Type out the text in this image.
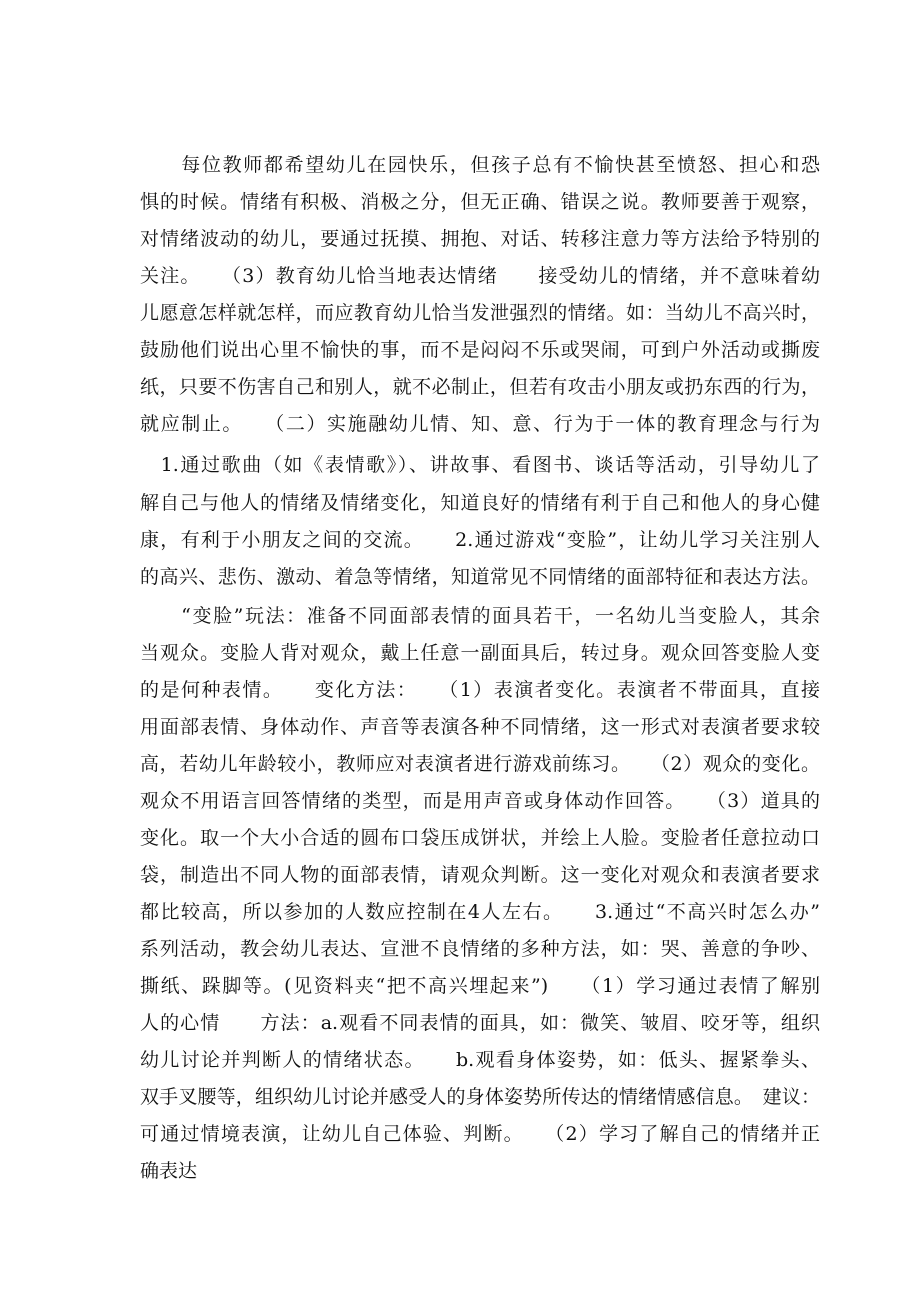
　　每位教师都希望幼儿在园快乐，但孩子总有不愉快甚至愤怒、担心和恐
惧的时候。情绪有积极、消极之分，但无正确、错误之说。教师要善于观察，
对情绪波动的幼儿，要通过抚摸、拥抱、对话、转移注意力等方法给予特别的
关注。　　（3）教育幼儿恰当地表达情绪　　接受幼儿的情绪，并不意味着幼
儿愿意怎样就怎样，而应教育幼儿恰当发泄强烈的情绪。如：当幼儿不高兴时，
鼓励他们说出心里不愉快的事，而不是闷闷不乐或哭闹，可到户外活动或撕废
纸，只要不伤害自己和别人，就不必制止，但若有攻击小朋友或扔东西的行为，
就应制止。　　（二）实施融幼儿情、知、意、行为于一体的教育理念与行为
　1.通过歌曲（如《表情歌》）、讲故事、看图书、谈话等活动，引导幼儿了
解自己与他人的情绪及情绪变化，知道良好的情绪有利于自己和他人的身心健
康，有利于小朋友之间的交流。　　2.通过游戏“变脸”，让幼儿学习关注别人
的高兴、悲伤、激动、着急等情绪，知道常见不同情绪的面部特征和表达方法。
　　“变脸”玩法：准备不同面部表情的面具若干，一名幼儿当变脸人，其余
当观众。变脸人背对观众，戴上任意一副面具后，转过身。观众回答变脸人变
的是何种表情。　　变化方法：　　（1）表演者变化。表演者不带面具，直接
用面部表情、身体动作、声音等表演各种不同情绪，这一形式对表演者要求较
高，若幼儿年龄较小，教师应对表演者进行游戏前练习。　　（2）观众的变化。
观众不用语言回答情绪的类型，而是用声音或身体动作回答。　　（3）道具的
变化。取一个大小合适的圆布口袋压成饼状，并绘上人脸。变脸者任意拉动口
袋，制造出不同人物的面部表情，请观众判断。这一变化对观众和表演者要求
都比较高，所以参加的人数应控制在4人左右。　　3.通过“不高兴时怎么办”
系列活动，教会幼儿表达、宣泄不良情绪的多种方法，如：哭、善意的争吵、
撕纸、跺脚等。(见资料夹“把不高兴埋起来”)　　（1）学习通过表情了解别
人的心情　　方法：a.观看不同表情的面具，如：微笑、皱眉、咬牙等，组织
幼儿讨论并判断人的情绪状态。　　b.观看身体姿势，如：低头、握紧拳头、
双手叉腰等，组织幼儿讨论并感受人的身体姿势所传达的情绪情感信息。　建议：
可通过情境表演，让幼儿自己体验、判断。　　（2）学习了解自己的情绪并正
确表达
